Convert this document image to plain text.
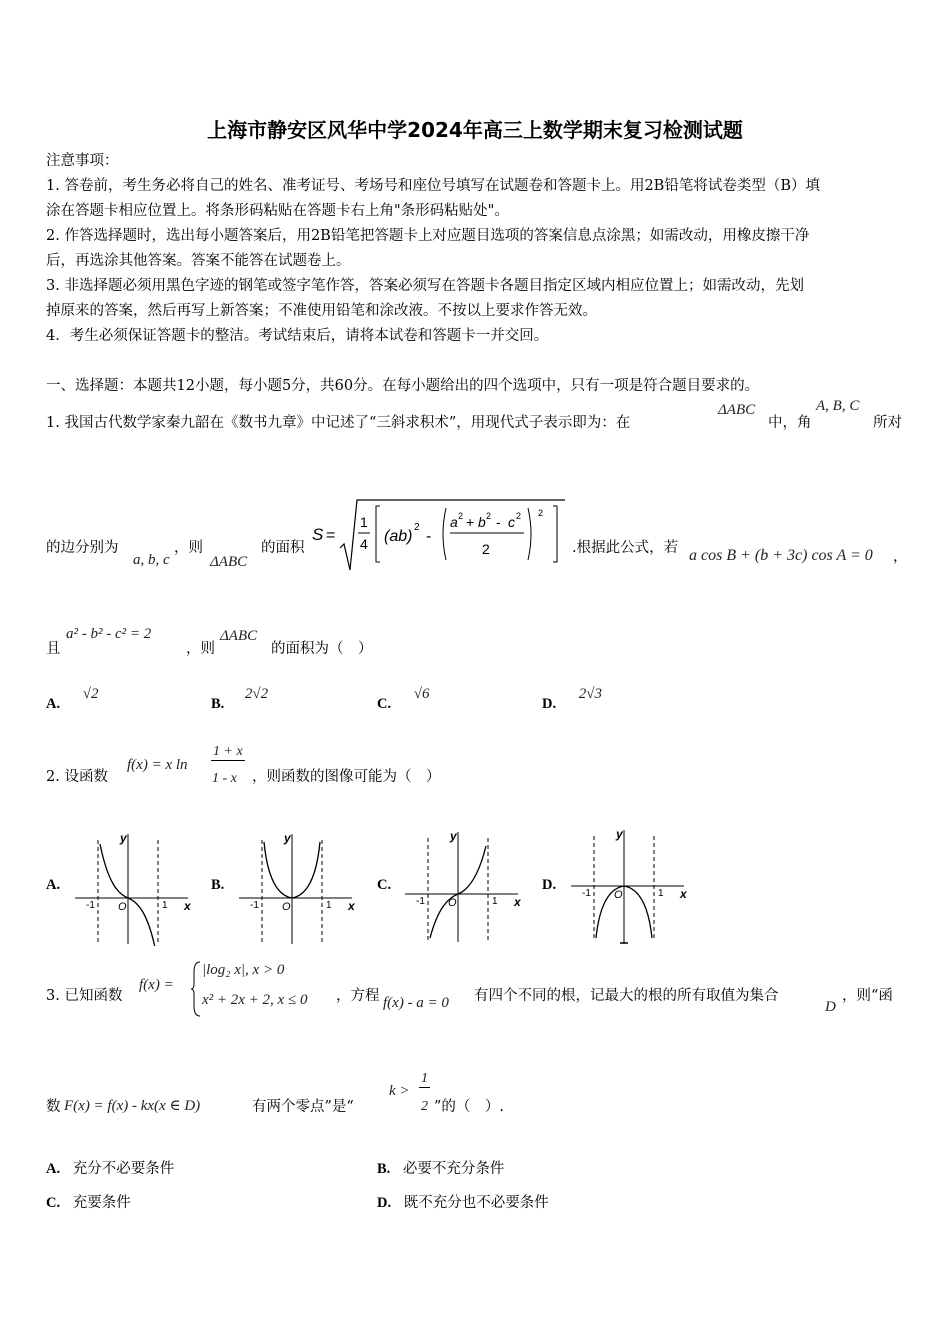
上海市静安区风华中学2024年高三上数学期末复习检测试题
注意事项：
1. 答卷前，考生务必将自己的姓名、准考证号、考场号和座位号填写在试题卷和答题卡上。用2B铅笔将试卷类型（B）填
涂在答题卡相应位置上。将条形码粘贴在答题卡右上角"条形码粘贴处"。
2. 作答选择题时，选出每小题答案后，用2B铅笔把答题卡上对应题目选项的答案信息点涂黑；如需改动，用橡皮擦干净
后，再选涂其他答案。答案不能答在试题卷上。
3. 非选择题必须用黑色字迹的钢笔或签字笔作答，答案必须写在答题卡各题目指定区域内相应位置上；如需改动，先划
掉原来的答案，然后再写上新答案；不准使用铅笔和涂改液。不按以上要求作答无效。
4．考生必须保证答题卡的整洁。考试结束后，请将本试卷和答题卡一并交回。
一、选择题：本题共12小题，每小题5分，共60分。在每小题给出的四个选项中，只有一项是符合题目要求的。
1. 我国古代数学家秦九韶在《数书九章》中记述了“三斜求积术”，用现代式子表示即为：在
ΔABC
中，角
A, B, C
所对
的边分别为
a, b, c
，则
ΔABC
的面积
S =
1
4 (ab)
2
-
a 2 + b 2 - c 2
2
2
.根据此公式，若 a cos B + (b + 3c) cos A = 0 ，
且
a² - b² - c² = 2
，则
ΔABC
的面积为（　）
A. √2
B. 2√2
C. √6
D. 2√3
2. 设函数
f(x) = x ln
1 + x
1 - x ，则函数的图像可能为（　）
A.
y
x
O
-1	1
B.
y
x
O
-1	1
C.
y
x
O
-1	1
D.
y
x
O
-1	1
3. 已知函数
f(x) =
|log₂ x|, x > 0
x² + 2x + 2, x ≤ 0 ，方程 f(x) - a = 0 有四个不同的根，记最大的根的所有取值为集合
D
，则“函
数 F(x) = f(x) - kx(x ∈ D)	有两个零点”是“
k >
1
2 ”的（　）.
A. 充分不必要条件	B. 必要不充分条件
C. 充要条件	D. 既不充分也不必要条件
